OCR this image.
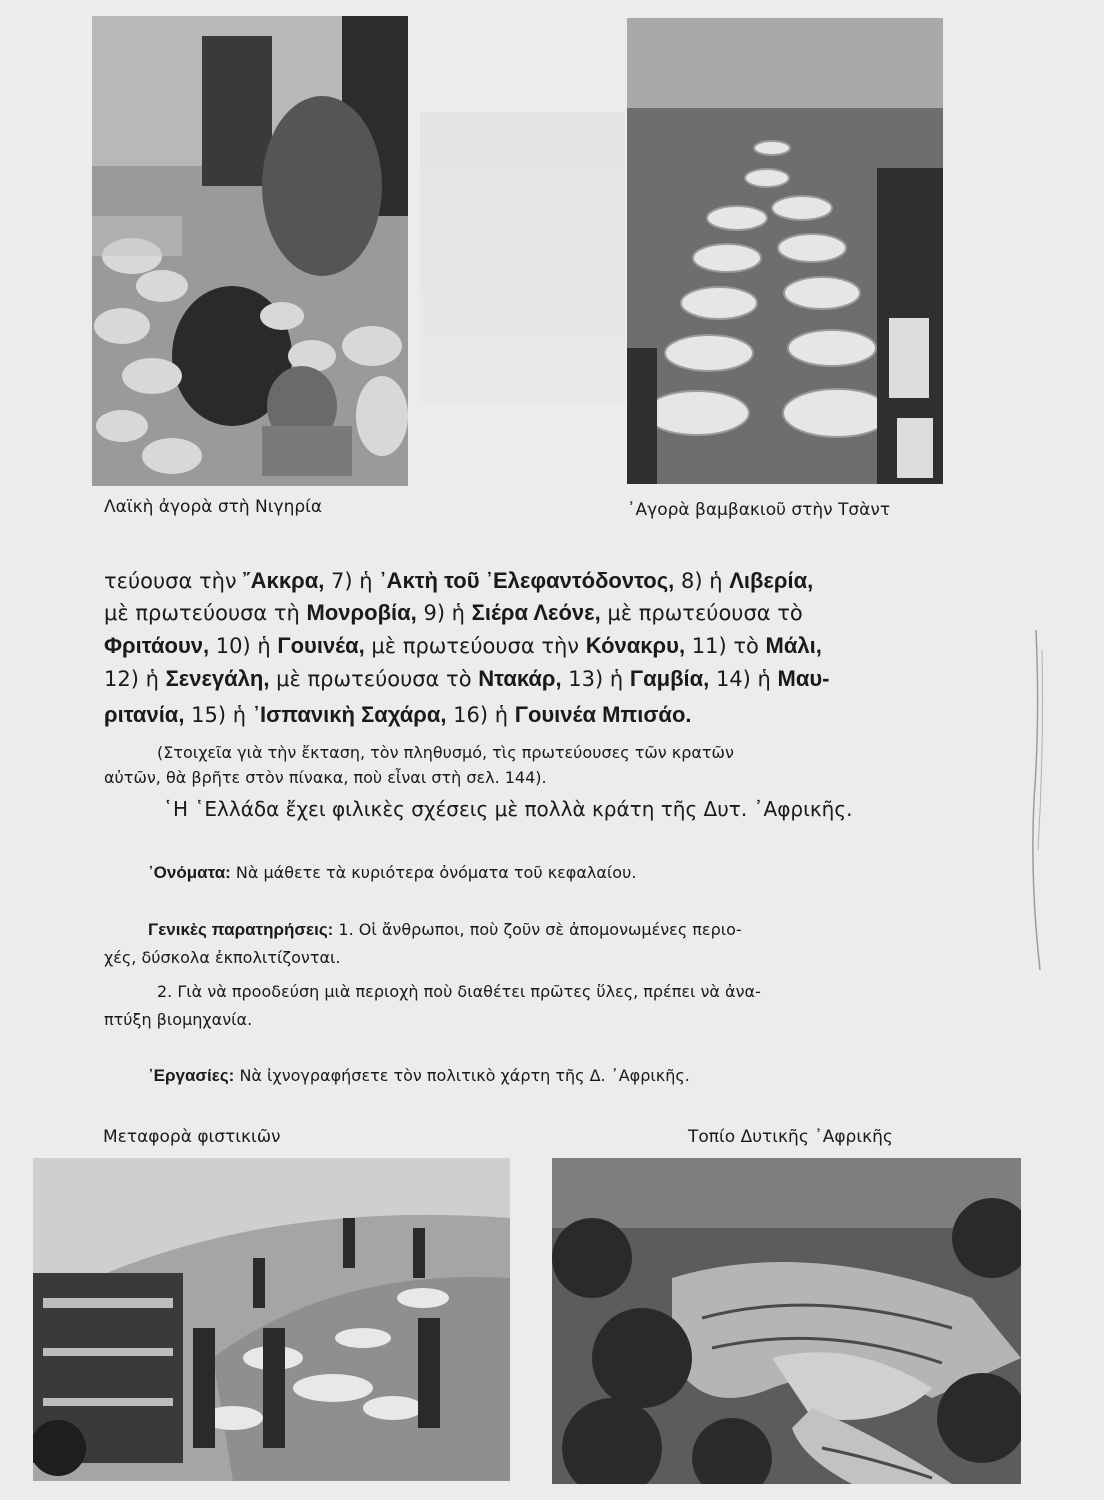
Λαϊκὴ ἀγορὰ στὴ Νιγηρία	᾿Αγορὰ βαμβακιοῦ στὴν Τσὰντ
τεύουσα τὴν ῎Ακκρα, 7) ἡ ᾿Ακτὴ τοῦ ᾿Ελεφαντόδοντος, 8) ἡ Λιβερία,
μὲ πρωτεύουσα τὴ Μονροβία, 9) ἡ Σιέρα Λεόνε, μὲ πρωτεύουσα τὸ
Φριτάουν, 10) ἡ Γουινέα, μὲ πρωτεύουσα τὴν Κόνακρυ, 11) τὸ Μάλι,
12) ἡ Σενεγάλη, μὲ πρωτεύουσα τὸ Ντακάρ, 13) ἡ Γαμβία, 14) ἡ Μαυ-
ριτανία, 15) ἡ ᾿Ισπανικὴ Σαχάρα, 16) ἡ Γουινέα Μπισάο.
(Στοιχεῖα γιὰ τὴν ἔκταση, τὸν πληθυσμό, τὶς πρωτεύουσες τῶν κρατῶν
αὐτῶν, θὰ βρῆτε στὸν πίνακα, ποὺ εἶναι στὴ σελ. 144).
῾Η ῾Ελλάδα ἔχει φιλικὲς σχέσεις μὲ πολλὰ κράτη τῆς Δυτ. ᾿Αφρικῆς.
᾿Ονόματα: Νὰ μάθετε τὰ κυριότερα ὀνόματα τοῦ κεφαλαίου.
Γενικὲς παρατηρήσεις: 1. Οἱ ἄνθρωποι, ποὺ ζοῦν σὲ ἀπομονωμένες περιο-
χές, δύσκολα ἐκπολιτίζονται.
2. Γιὰ νὰ προοδεύση μιὰ περιοχὴ ποὺ διαθέτει πρῶτες ὕλες, πρέπει νὰ ἀνα-
πτύξη βιομηχανία.
᾿Εργασίες: Νὰ ἰχνογραφήσετε τὸν πολιτικὸ χάρτη τῆς Δ. ᾿Αφρικῆς.
Μεταφορὰ φιστικιῶν	Τοπίο Δυτικῆς ᾿Αφρικῆς
